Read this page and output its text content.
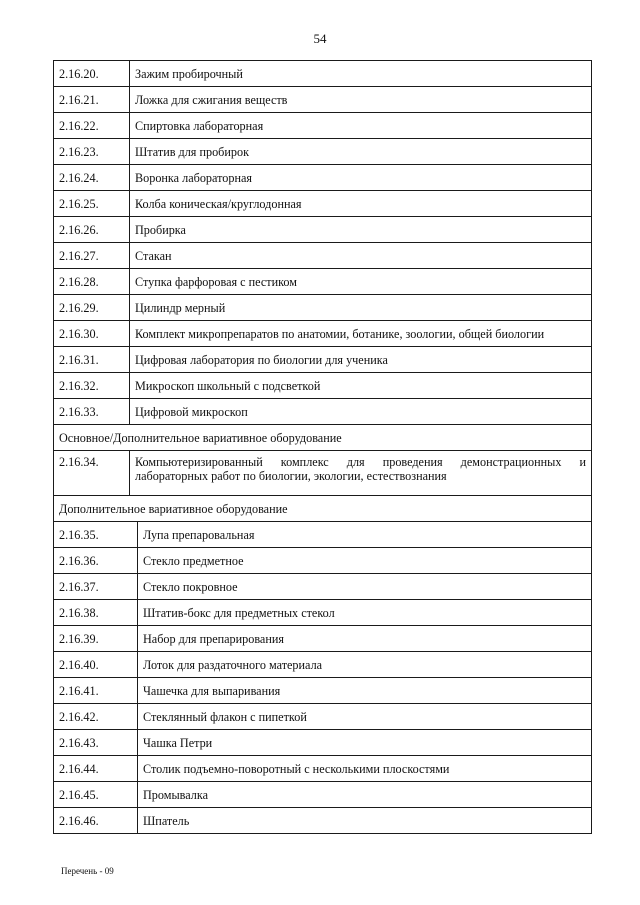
54
2.16.20.	Зажим пробирочный	
2.16.21.	Ложка для сжигания веществ	
2.16.22.	Спиртовка лабораторная	
2.16.23.	Штатив для пробирок	
2.16.24.	Воронка лабораторная	
2.16.25.	Колба коническая/круглодонная	
2.16.26.	Пробирка	
2.16.27.	Стакан	
2.16.28.	Ступка фарфоровая с пестиком	
2.16.29.	Цилиндр мерный	
2.16.30.	Комплект микропрепаратов по анатомии, ботанике, зоологии, общей биологии	
2.16.31.	Цифровая лаборатория по биологии для ученика	
2.16.32.	Микроскоп школьный с подсветкой	
2.16.33.	Цифровой микроскоп	
Основное/Дополнительное вариативное оборудование		
2.16.34.	Компьютеризированный комплекс для проведения демонстрационных и
лабораторных работ по биологии, экологии, естествознания	

Дополнительное вариативное оборудование		
2.16.35.		Лупа препаровальная
2.16.36.		Стекло предметное
2.16.37.		Стекло покровное
2.16.38.		Штатив-бокс для предметных стекол
2.16.39.		Набор для препарирования
2.16.40.		Лоток для раздаточного материала
2.16.41.		Чашечка для выпаривания
2.16.42.		Стеклянный флакон с пипеткой
2.16.43.		Чашка Петри
2.16.44.		Столик подъемно-поворотный с несколькими плоскостями
2.16.45.		Промывалка
2.16.46.		Шпатель
Перечень - 09
